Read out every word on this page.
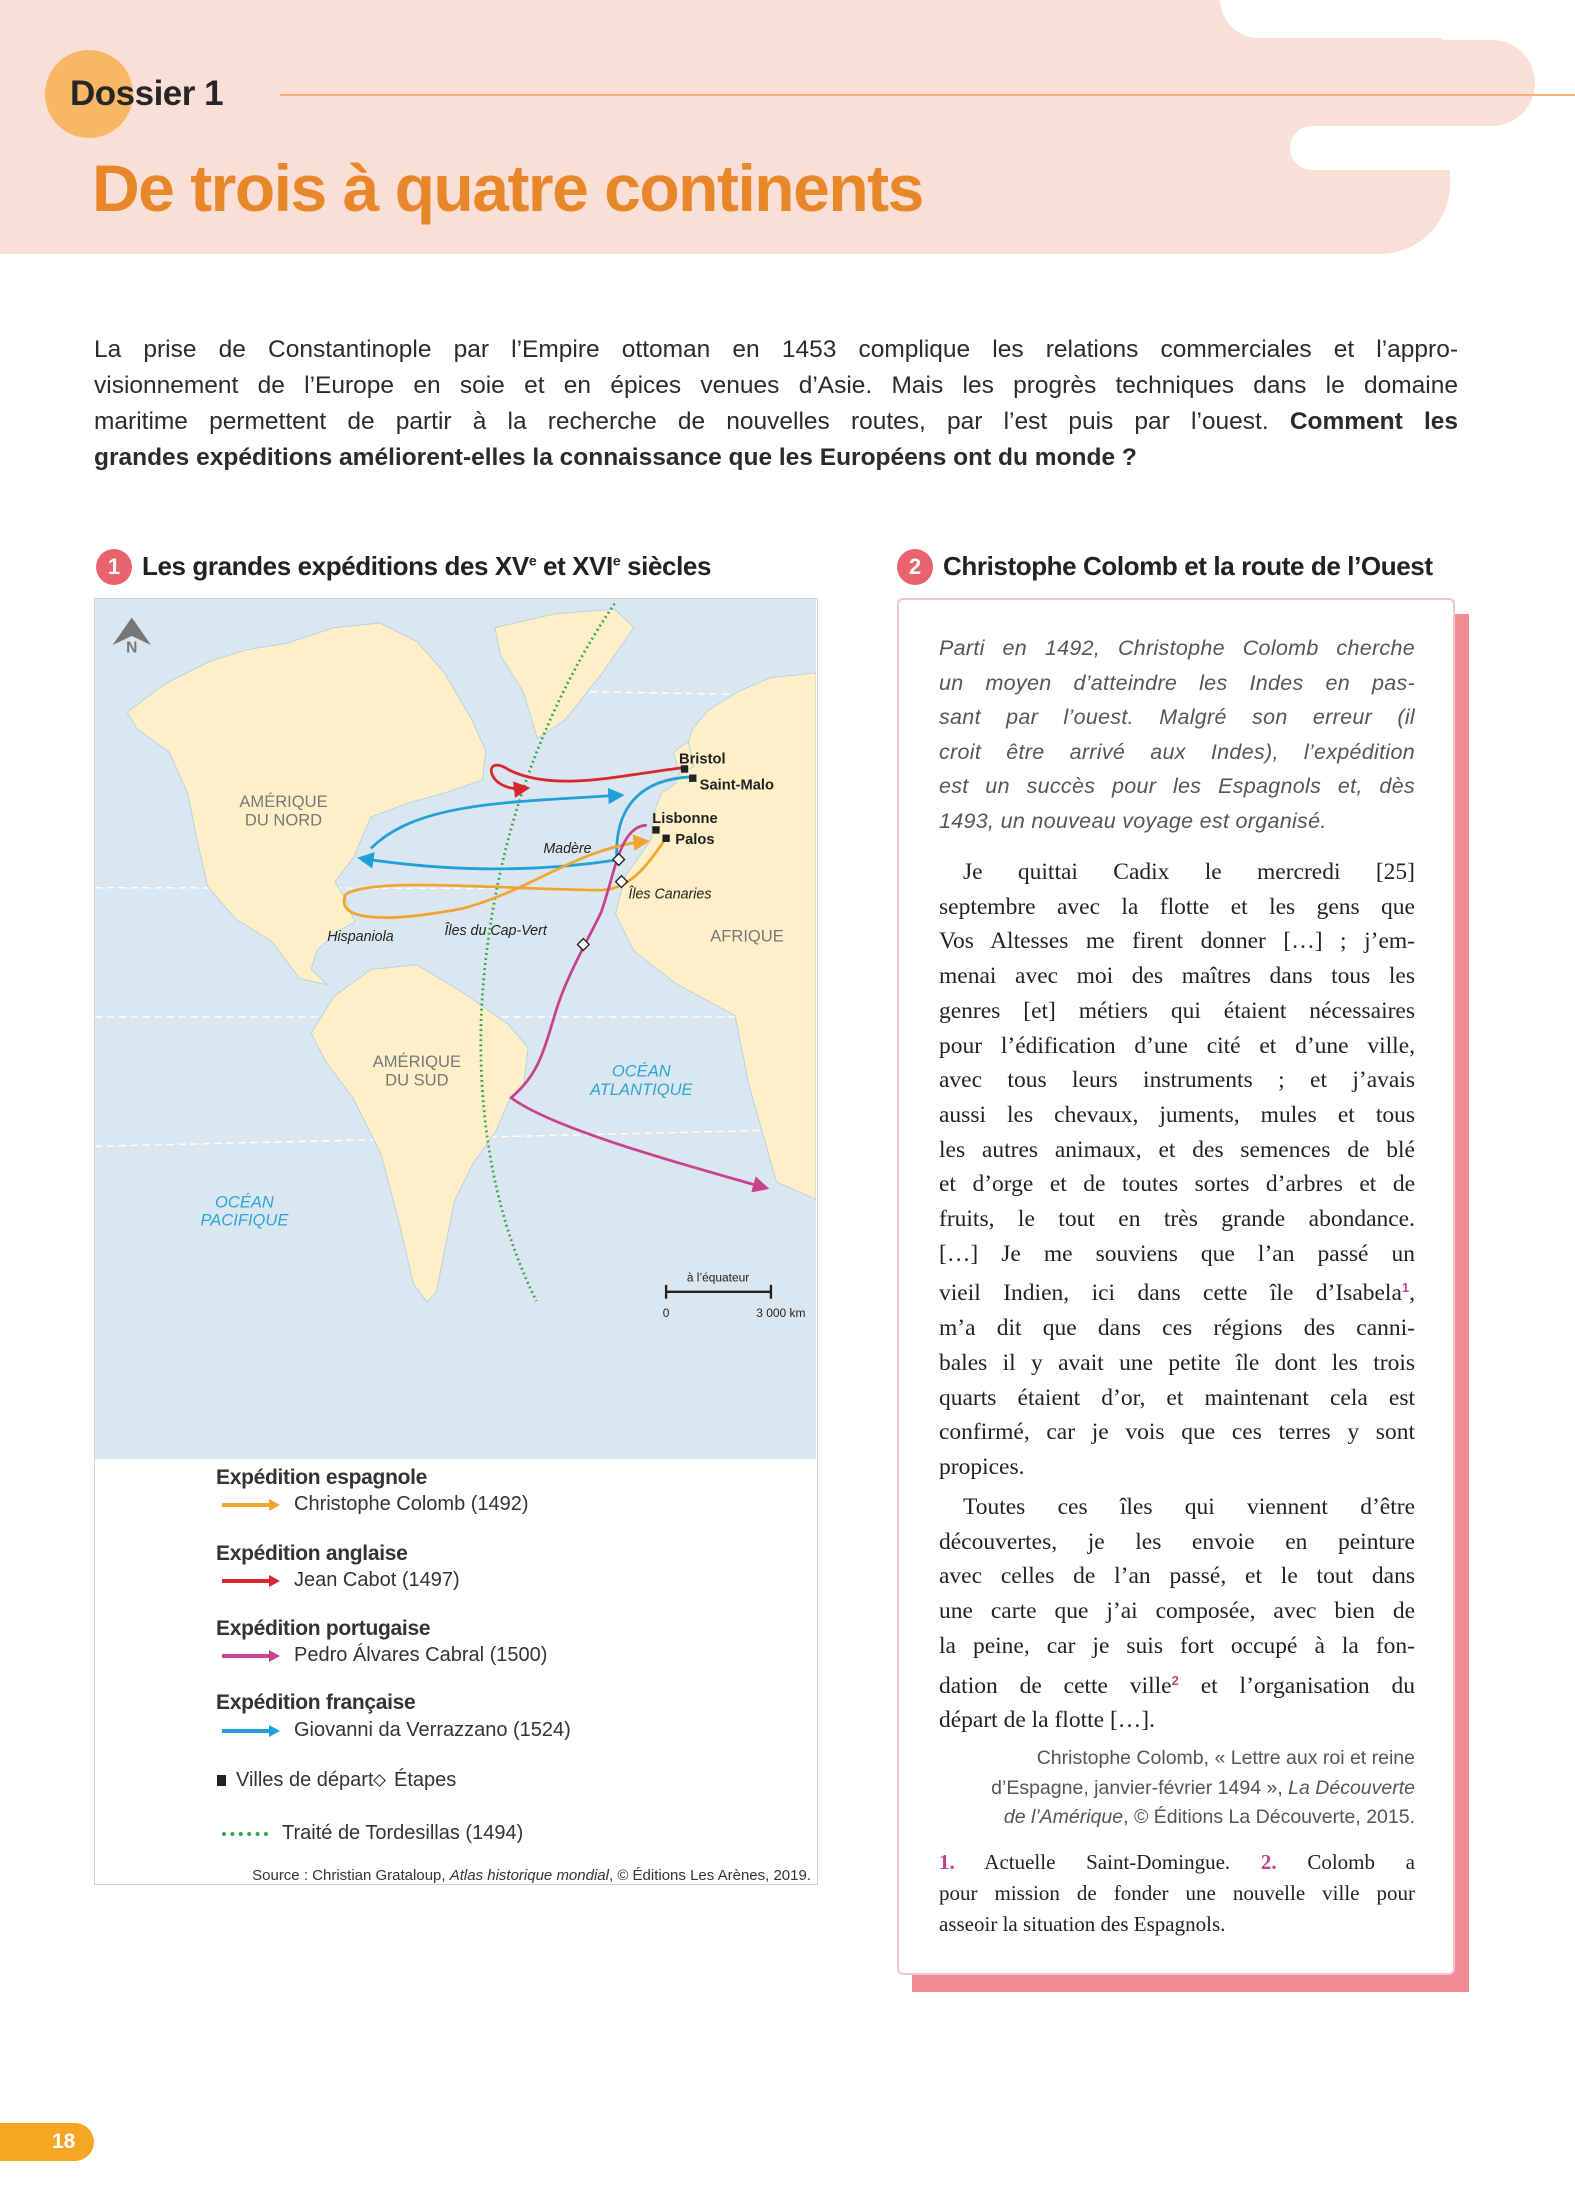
Dossier 1
De trois à quatre continents
La prise de Constantinople par l’Empire ottoman en 1453 complique les relations commerciales et l’appro-
visionnement de l’Europe en soie et en épices venues d’Asie. Mais les progrès techniques dans le domaine
maritime permettent de partir à la recherche de nouvelles routes, par l’est puis par l’ouest. Comment les
grandes expéditions améliorent-elles la connaissance que les Européens ont du monde ?
1 Les grandes expéditions des XVe et XVIe siècles
N
AMÉRIQUE
DU NORD
AMÉRIQUE
DU SUD
AFRIQUE
OCÉAN
ATLANTIQUE
OCÉAN
PACIFIQUE
Bristol
Saint-Malo
Lisbonne
Palos
Madère
Îles Canaries
Hispaniola Îles du Cap-Vert
à l’équateur
0	3 000 km
Expédition espagnole
Christophe Colomb (1492)
Expédition anglaise
Jean Cabot (1497)
Expédition portugaise
Pedro Álvares Cabral (1500)
Expédition française
Giovanni da Verrazzano (1524)
Villes de départ Étapes
Traité de Tordesillas (1494)
Source : Christian Grataloup, Atlas historique mondial, © Éditions Les Arènes, 2019.
2 Christophe Colomb et la route de l’Ouest
Parti en 1492, Christophe Colomb cherche
un moyen d’atteindre les Indes en pas-
sant par l’ouest. Malgré son erreur (il
croit être arrivé aux Indes), l’expédition
est un succès pour les Espagnols et, dès
1493, un nouveau voyage est organisé.
Je quittai Cadix le mercredi [25]
septembre avec la flotte et les gens que
Vos Altesses me firent donner […] ; j’em-
menai avec moi des maîtres dans tous les
genres [et] métiers qui étaient nécessaires
pour l’édification d’une cité et d’une ville,
avec tous leurs instruments ; et j’avais
aussi les chevaux, juments, mules et tous
les autres animaux, et des semences de blé
et d’orge et de toutes sortes d’arbres et de
fruits, le tout en très grande abondance.
[…] Je me souviens que l’an passé un
vieil Indien, ici dans cette île d’Isabela$^1$,
m’a dit que dans ces régions des canni-
bales il y avait une petite île dont les trois
quarts étaient d’or, et maintenant cela est
confirmé, car je vois que ces terres y sont
propices.
Toutes ces îles qui viennent d’être
découvertes, je les envoie en peinture
avec celles de l’an passé, et le tout dans
une carte que j’ai composée, avec bien de
la peine, car je suis fort occupé à la fon-
dation de cette ville$^2$ et l’organisation du
départ de la flotte […].
Christophe Colomb, « Lettre aux roi et reine
d’Espagne, janvier-février 1494 », La Découverte
de l’Amérique, © Éditions La Découverte, 2015.
1. Actuelle Saint-Domingue. 2. Colomb a
pour mission de fonder une nouvelle ville pour
asseoir la situation des Espagnols.
18
